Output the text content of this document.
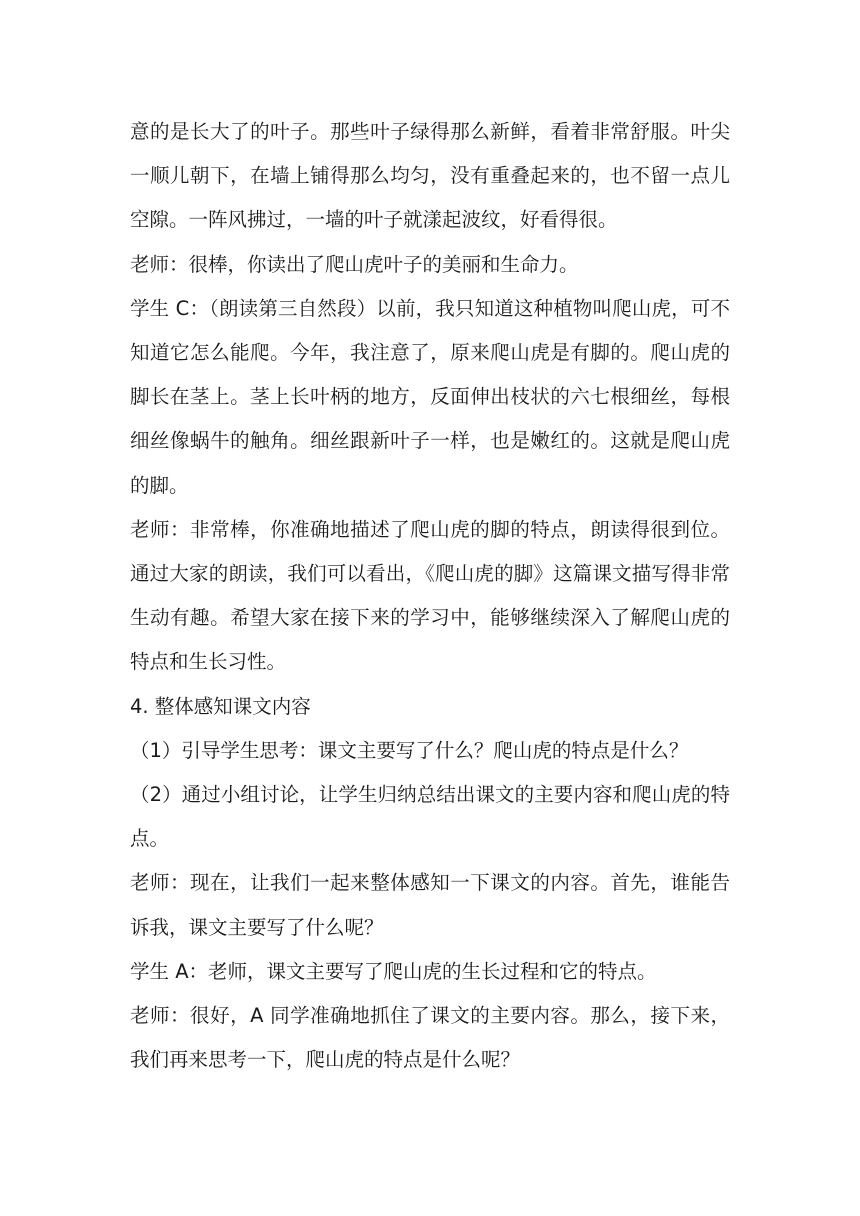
意的是长大了的叶子。那些叶子绿得那么新鲜，看着非常舒服。叶尖一顺儿朝下，在墙上铺得那么均匀，没有重叠起来的，也不留一点儿空隙。一阵风拂过，一墙的叶子就漾起波纹，好看得很。

老师：很棒，你读出了爬山虎叶子的美丽和生命力。

学生 C：（朗读第三自然段）以前，我只知道这种植物叫爬山虎，可不知道它怎么能爬。今年，我注意了，原来爬山虎是有脚的。爬山虎的脚长在茎上。茎上长叶柄的地方，反面伸出枝状的六七根细丝，每根细丝像蜗牛的触角。细丝跟新叶子一样，也是嫩红的。这就是爬山虎的脚。

老师：非常棒，你准确地描述了爬山虎的脚的特点，朗读得很到位。通过大家的朗读，我们可以看出，《爬山虎的脚》这篇课文描写得非常生动有趣。希望大家在接下来的学习中，能够继续深入了解爬山虎的特点和生长习性。

4. 整体感知课文内容

（1）引导学生思考：课文主要写了什么？爬山虎的特点是什么？

（2）通过小组讨论，让学生归纳总结出课文的主要内容和爬山虎的特点。

老师：现在，让我们一起来整体感知一下课文的内容。首先，谁能告诉我，课文主要写了什么呢？

学生 A：老师，课文主要写了爬山虎的生长过程和它的特点。

老师：很好，A 同学准确地抓住了课文的主要内容。那么，接下来，我们再来思考一下，爬山虎的特点是什么呢？
